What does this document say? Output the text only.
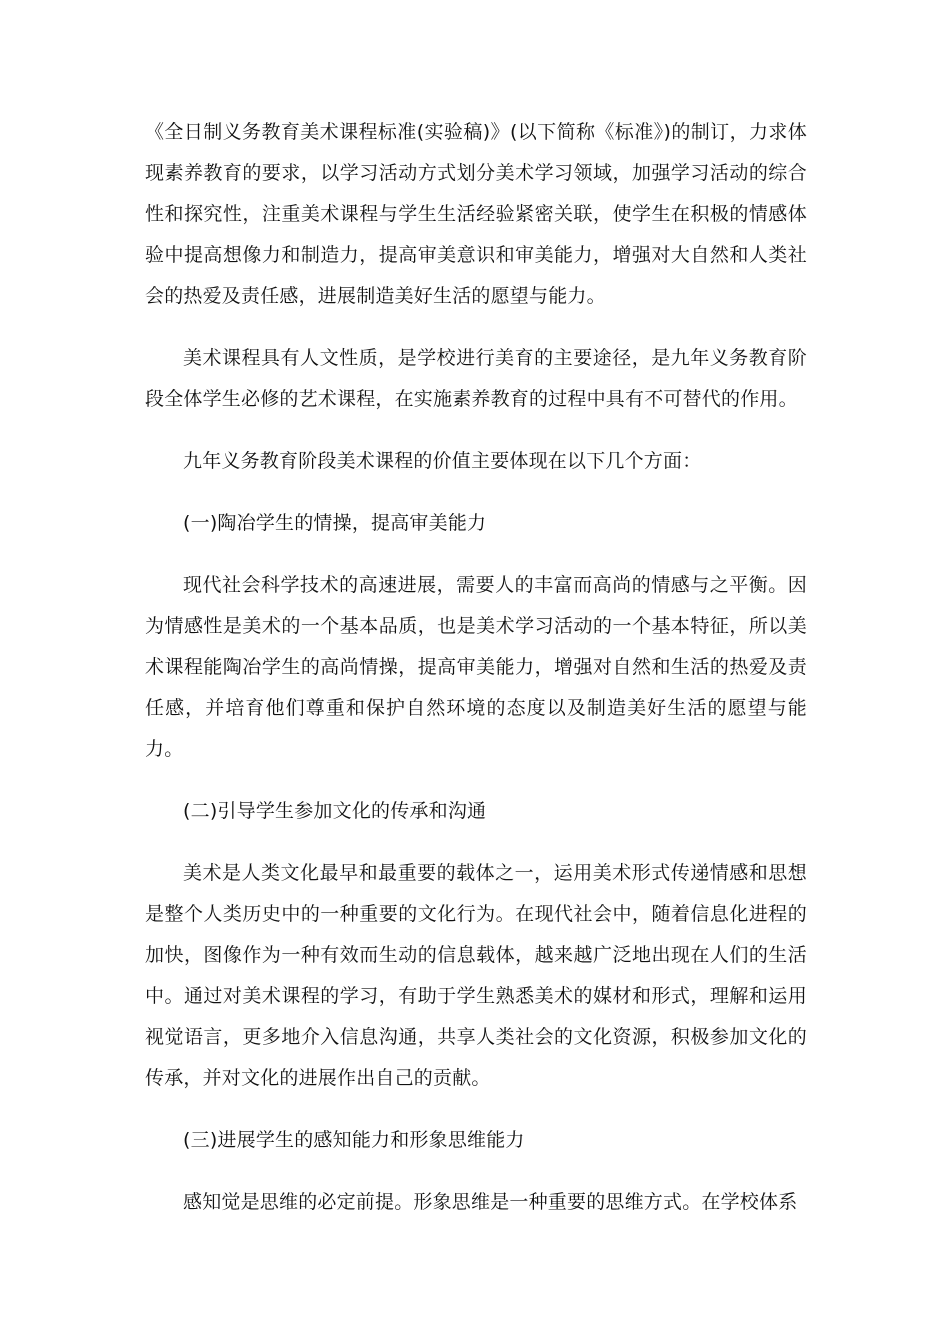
《全日制义务教育美术课程标准(实验稿)》(以下简称《标准》)的制订，力求体现素养教育的要求，以学习活动方式划分美术学习领域，加强学习活动的综合性和探究性，注重美术课程与学生生活经验紧密关联，使学生在积极的情感体验中提高想像力和制造力，提高审美意识和审美能力，增强对大自然和人类社会的热爱及责任感，进展制造美好生活的愿望与能力。

美术课程具有人文性质，是学校进行美育的主要途径，是九年义务教育阶段全体学生必修的艺术课程，在实施素养教育的过程中具有不可替代的作用。

九年义务教育阶段美术课程的价值主要体现在以下几个方面：

(一)陶冶学生的情操，提高审美能力

现代社会科学技术的高速进展，需要人的丰富而高尚的情感与之平衡。因为情感性是美术的一个基本品质，也是美术学习活动的一个基本特征，所以美术课程能陶冶学生的高尚情操，提高审美能力，增强对自然和生活的热爱及责任感，并培育他们尊重和保护自然环境的态度以及制造美好生活的愿望与能力。

(二)引导学生参加文化的传承和沟通

美术是人类文化最早和最重要的载体之一，运用美术形式传递情感和思想是整个人类历史中的一种重要的文化行为。在现代社会中，随着信息化进程的加快，图像作为一种有效而生动的信息载体，越来越广泛地出现在人们的生活中。通过对美术课程的学习，有助于学生熟悉美术的媒材和形式，理解和运用视觉语言，更多地介入信息沟通，共享人类社会的文化资源，积极参加文化的传承，并对文化的进展作出自己的贡献。

(三)进展学生的感知能力和形象思维能力

感知觉是思维的必定前提。形象思维是一种重要的思维方式。在学校体系
